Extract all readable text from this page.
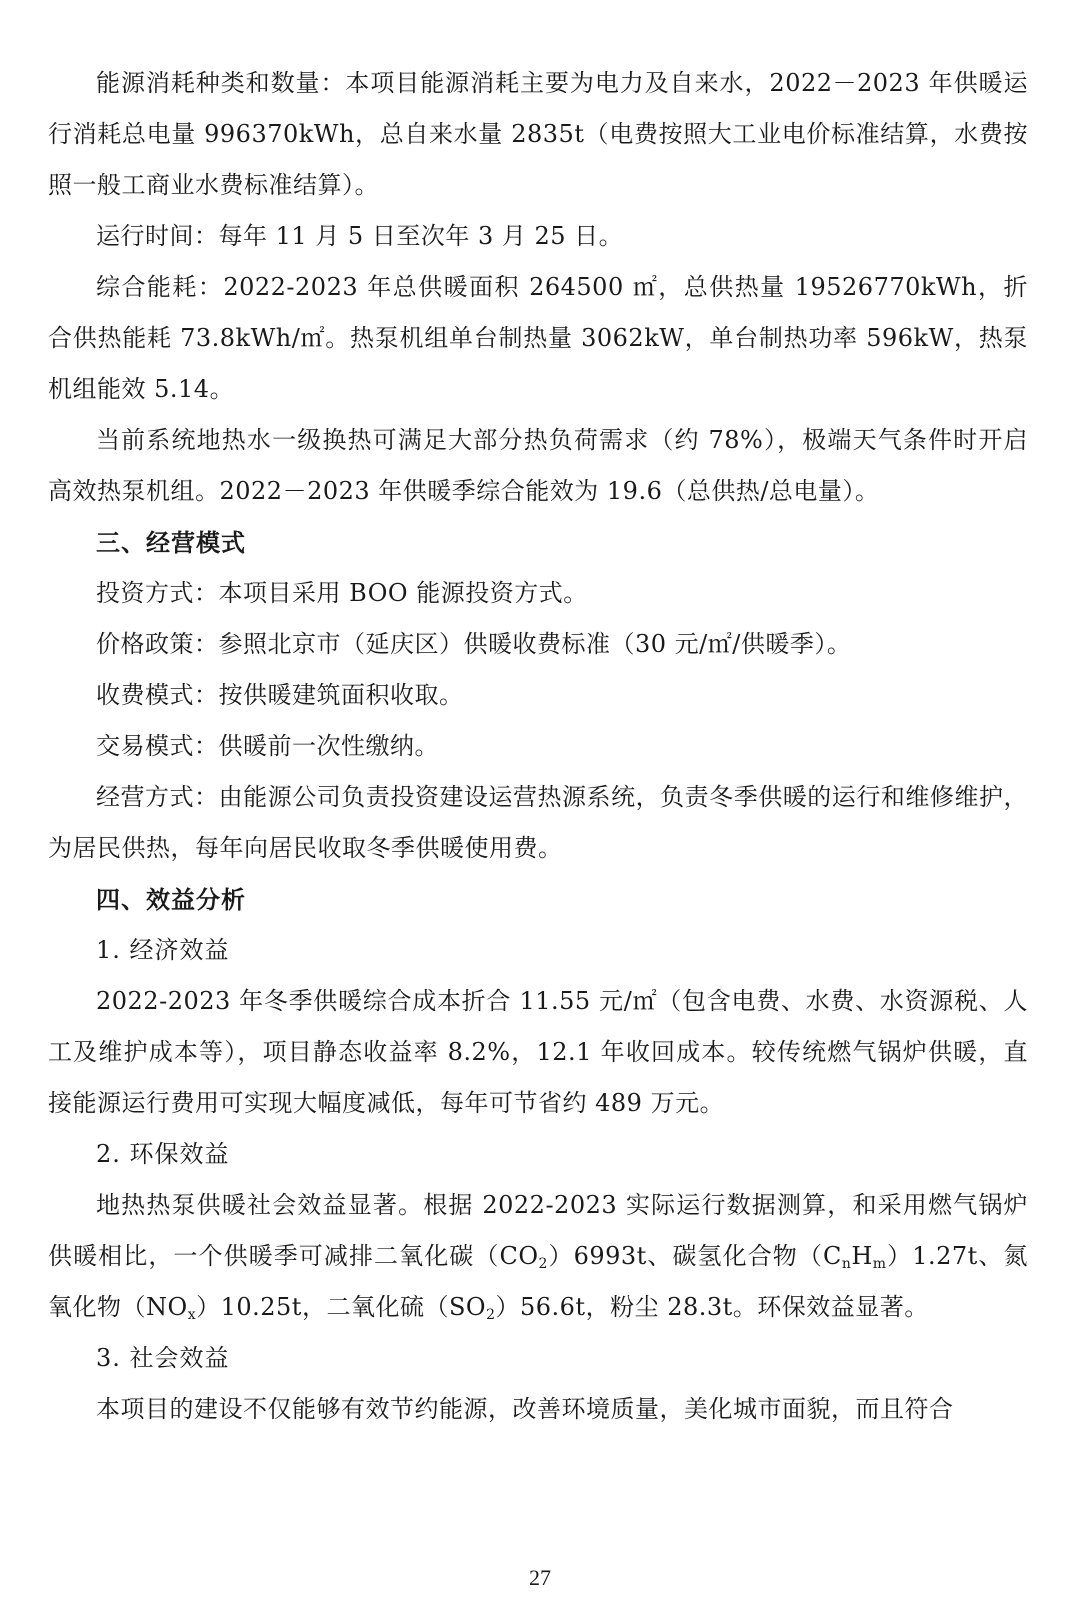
能源消耗种类和数量：本项目能源消耗主要为电力及自来水，2022－2023 年供暖运行消耗总电量 996370kWh，总自来水量 2835t（电费按照大工业电价标准结算，水费按照一般工商业水费标准结算）。

运行时间：每年 11 月 5 日至次年 3 月 25 日。

综合能耗：2022-2023 年总供暖面积 264500 ㎡，总供热量 19526770kWh，折合供热能耗 73.8kWh/㎡。热泵机组单台制热量 3062kW，单台制热功率 596kW，热泵机组能效 5.14。

当前系统地热水一级换热可满足大部分热负荷需求（约 78%），极端天气条件时开启高效热泵机组。2022－2023 年供暖季综合能效为 19.6（总供热/总电量）。

三、经营模式

投资方式：本项目采用 BOO 能源投资方式。

价格政策：参照北京市（延庆区）供暖收费标准（30 元/㎡/供暖季）。

收费模式：按供暖建筑面积收取。

交易模式：供暖前一次性缴纳。

经营方式：由能源公司负责投资建设运营热源系统，负责冬季供暖的运行和维修维护，为居民供热，每年向居民收取冬季供暖使用费。

四、效益分析

1. 经济效益

2022-2023 年冬季供暖综合成本折合 11.55 元/㎡（包含电费、水费、水资源税、人工及维护成本等），项目静态收益率 8.2%，12.1 年收回成本。较传统燃气锅炉供暖，直接能源运行费用可实现大幅度减低，每年可节省约 489 万元。

2. 环保效益

地热热泵供暖社会效益显著。根据 2022-2023 实际运行数据测算，和采用燃气锅炉供暖相比，一个供暖季可减排二氧化碳$(CO_2)6993t$、碳氢化合物$(C_nH_m)1.27t$、氮氧化物$(NO_x)10.25t$，二氧化硫$(SO_2)56.6t$，粉尘 28.3t。环保效益显著。

3. 社会效益

本项目的建设不仅能够有效节约能源，改善环境质量，美化城市面貌，而且符合

27
